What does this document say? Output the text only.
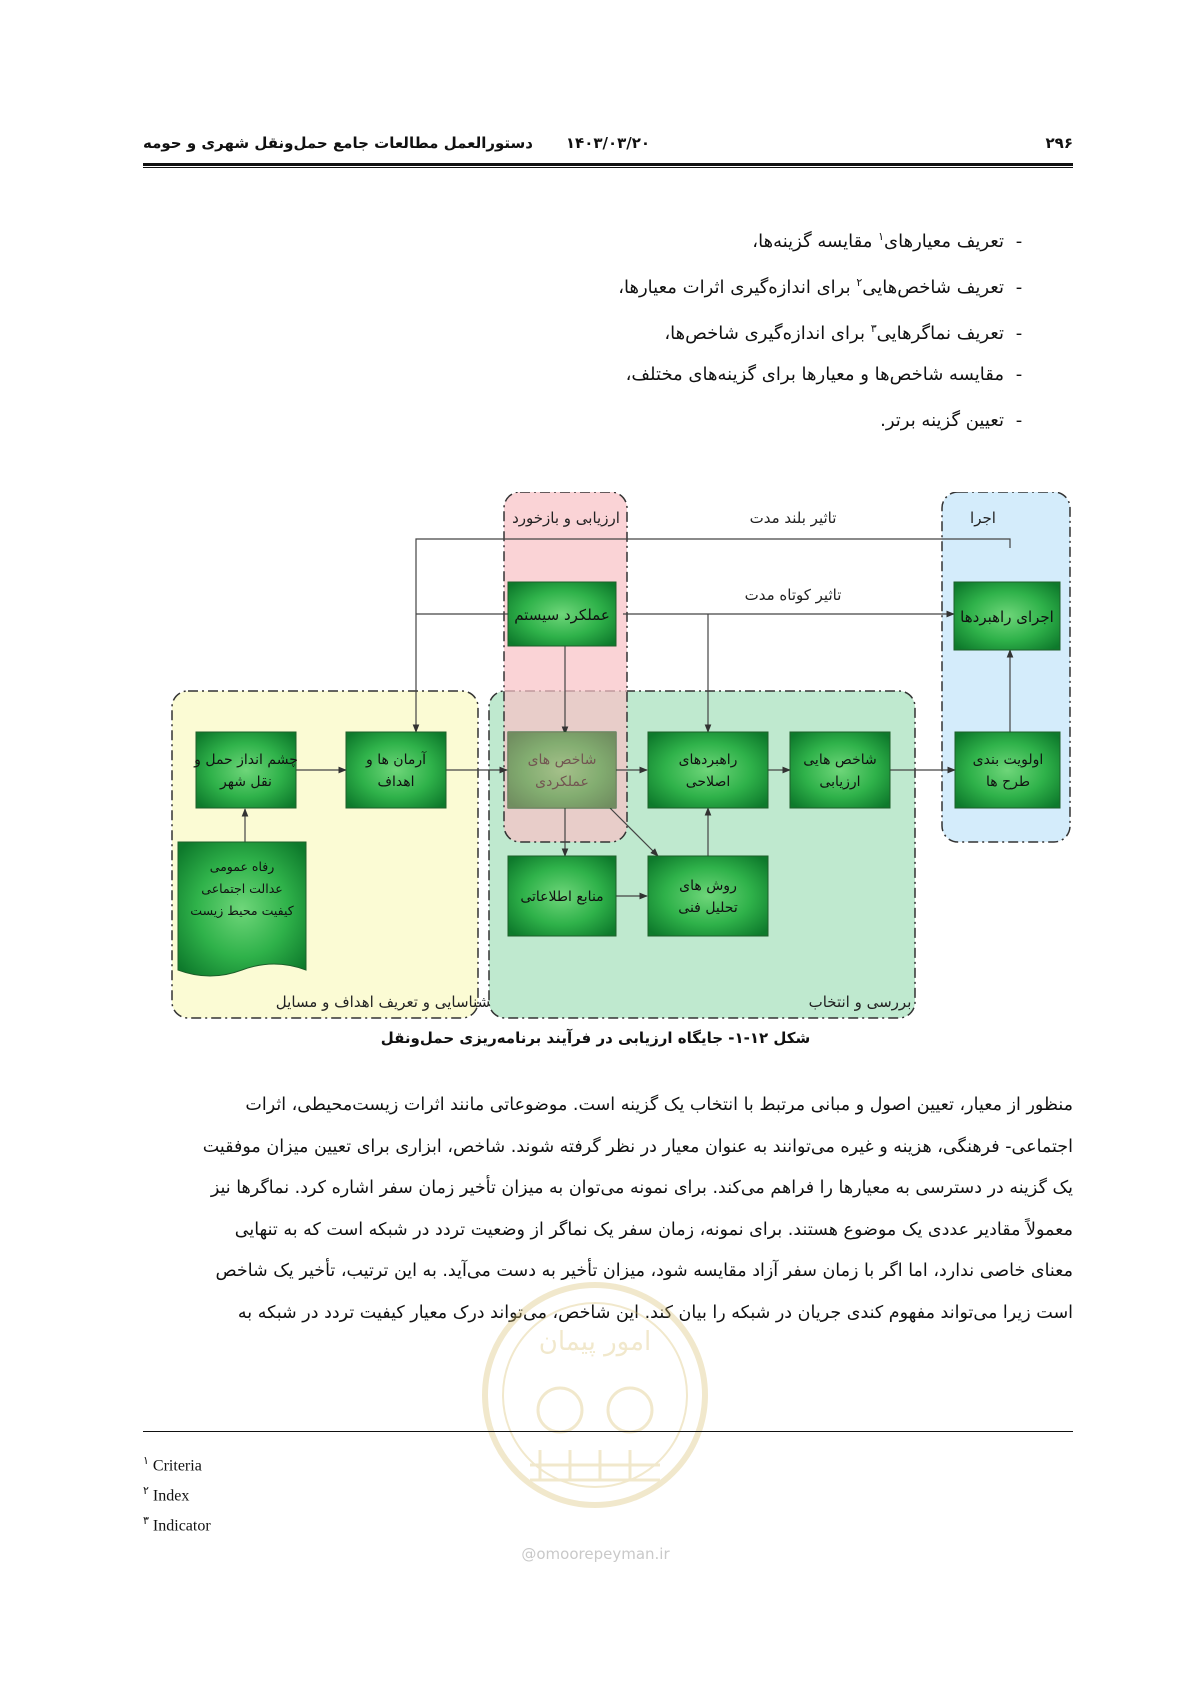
۲۹۶
۱۴۰۳/۰۳/۲۰
دستورالعمل مطالعات جامع حمل‌ونقل شهری و حومه
-تعریف معیارهای$^۱$ مقایسه گزینه‌ها،
-تعریف شاخص‌هایی$^۲$ برای اندازه‌گیری اثرات معیارها،
-تعریف نماگرهایی$^۳$ برای اندازه‌گیری شاخص‌ها،
-مقایسه شاخص‌ها و معیارها برای گزینه‌های مختلف،
-تعیین گزینه برتر.
ارزیابی و بازخورد	اجرا
شناسایی و تعریف اهداف و مسایل	بررسی و انتخاب
تاثیر بلند مدت
تاثیر کوتاه مدت
عملکرد سیستم	اجرای راهبردها
چشم انداز حمل و
نقل شهر
آرمان ها و
اهداف
شاخص های
عملکردی
راهبردهای
اصلاحی
شاخص هایی
ارزیابی
اولویت بندی
طرح ها
منابع اطلاعاتی
روش های
تحلیل فنی
رفاه عمومی
عدالت اجتماعی
کیفیت محیط زیست
شکل ۱۲-۱- جایگاه ارزیابی در فرآیند برنامه‌ریزی حمل‌ونقل
منظور از معیار، تعیین اصول و مبانی مرتبط با انتخاب یک گزینه است. موضوعاتی مانند اثرات زیست‌محیطی، اثرات
اجتماعی- فرهنگی، هزینه و غیره می‌توانند به عنوان معیار در نظر گرفته شوند. شاخص، ابزاری برای تعیین میزان موفقیت
یک گزینه در دسترسی به معیارها را فراهم می‌کند. برای نمونه می‌توان به میزان تأخیر زمان سفر اشاره کرد. نماگرها نیز
معمولاً مقادیر عددی یک موضوع هستند. برای نمونه، زمان سفر یک نماگر از وضعیت تردد در شبکه است که به تنهایی
معنای خاصی ندارد، اما اگر با زمان سفر آزاد مقایسه شود، میزان تأخیر به دست می‌آید. به این ترتیب، تأخیر یک شاخص
است زیرا می‌تواند مفهوم کندی جریان در شبکه را بیان کند. این شاخص، می‌تواند درک معیار کیفیت تردد در شبکه به
امور پیمان
@omoorepeyman.ir
$^۱$ Criteria
$^۲$ Index
$^۳$ Indicator
